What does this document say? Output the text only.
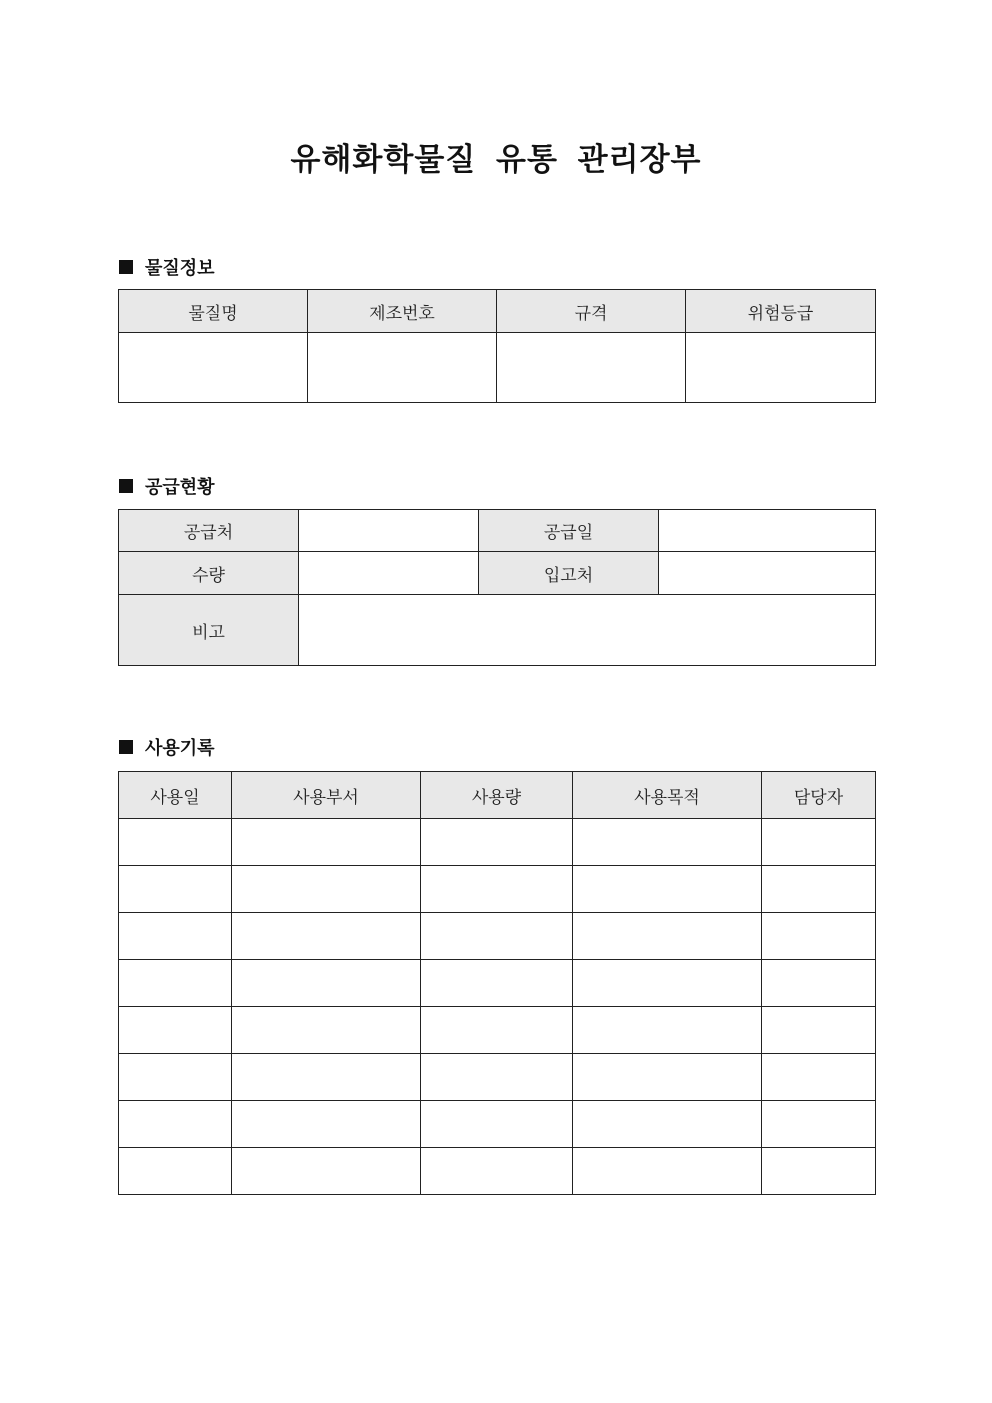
유해화학물질 유통 관리장부
물질정보
물질명	제조번호	규격	위험등급

공급현황
공급처		공급일	
수량		입고처	
비고			
사용기록
사용일	사용부서	사용량	사용목적	담당자
